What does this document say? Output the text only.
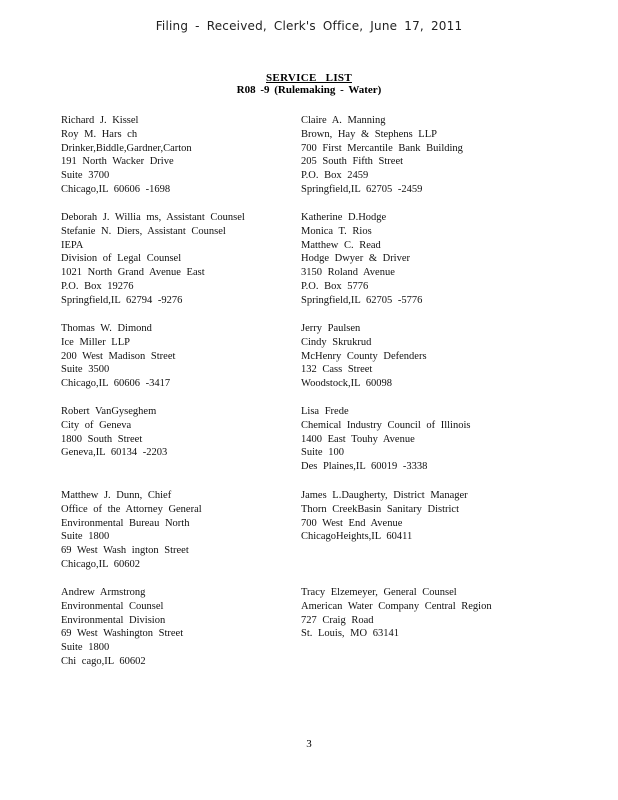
Filing - Received, Clerk's Office, June 17, 2011
SERVICE LIST
R08 -9 (Rulemaking - Water)
Richard J. Kissel
Roy M. Hars ch
Drinker,Biddle,Gardner,Carton
191 North Wacker Drive
Suite 3700
Chicago,IL 60606 -1698
Deborah J. Willia ms, Assistant Counsel
Stefanie N. Diers, Assistant Counsel
IEPA
Division of Legal Counsel
1021 North Grand Avenue East
P.O. Box 19276
Springfield,IL 62794 -9276
Thomas W. Dimond
Ice Miller LLP
200 West Madison Street
Suite 3500
Chicago,IL 60606 -3417
Robert VanGyseghem
City of Geneva
1800 South Street
Geneva,IL 60134 -2203
Matthew J. Dunn, Chief
Office of the Attorney General
Environmental Bureau North
Suite 1800
69 West Wash ington Street
Chicago,IL 60602
Andrew Armstrong
Environmental Counsel
Environmental Division
69 West Washington Street
Suite 1800
Chi cago,IL 60602
Claire A. Manning
Brown, Hay & Stephens LLP
700 First Mercantile Bank Building
205 South Fifth Street
P.O. Box 2459
Springfield,IL 62705 -2459
Katherine D.Hodge
Monica T. Rios
Matthew C. Read
Hodge Dwyer & Driver
3150 Roland Avenue
P.O. Box 5776
Springfield,IL 62705 -5776
Jerry Paulsen
Cindy Skrukrud
McHenry County Defenders
132 Cass Street
Woodstock,IL 60098
Lisa Frede
Chemical Industry Council of Illinois
1400 East Touhy Avenue
Suite 100
Des Plaines,IL 60019 -3338
James L.Daugherty, District Manager
Thorn CreekBasin Sanitary District
700 West End Avenue
ChicagoHeights,IL 60411
Tracy Elzemeyer, General Counsel
American Water Company Central Region
727 Craig Road
St. Louis, MO 63141
3
